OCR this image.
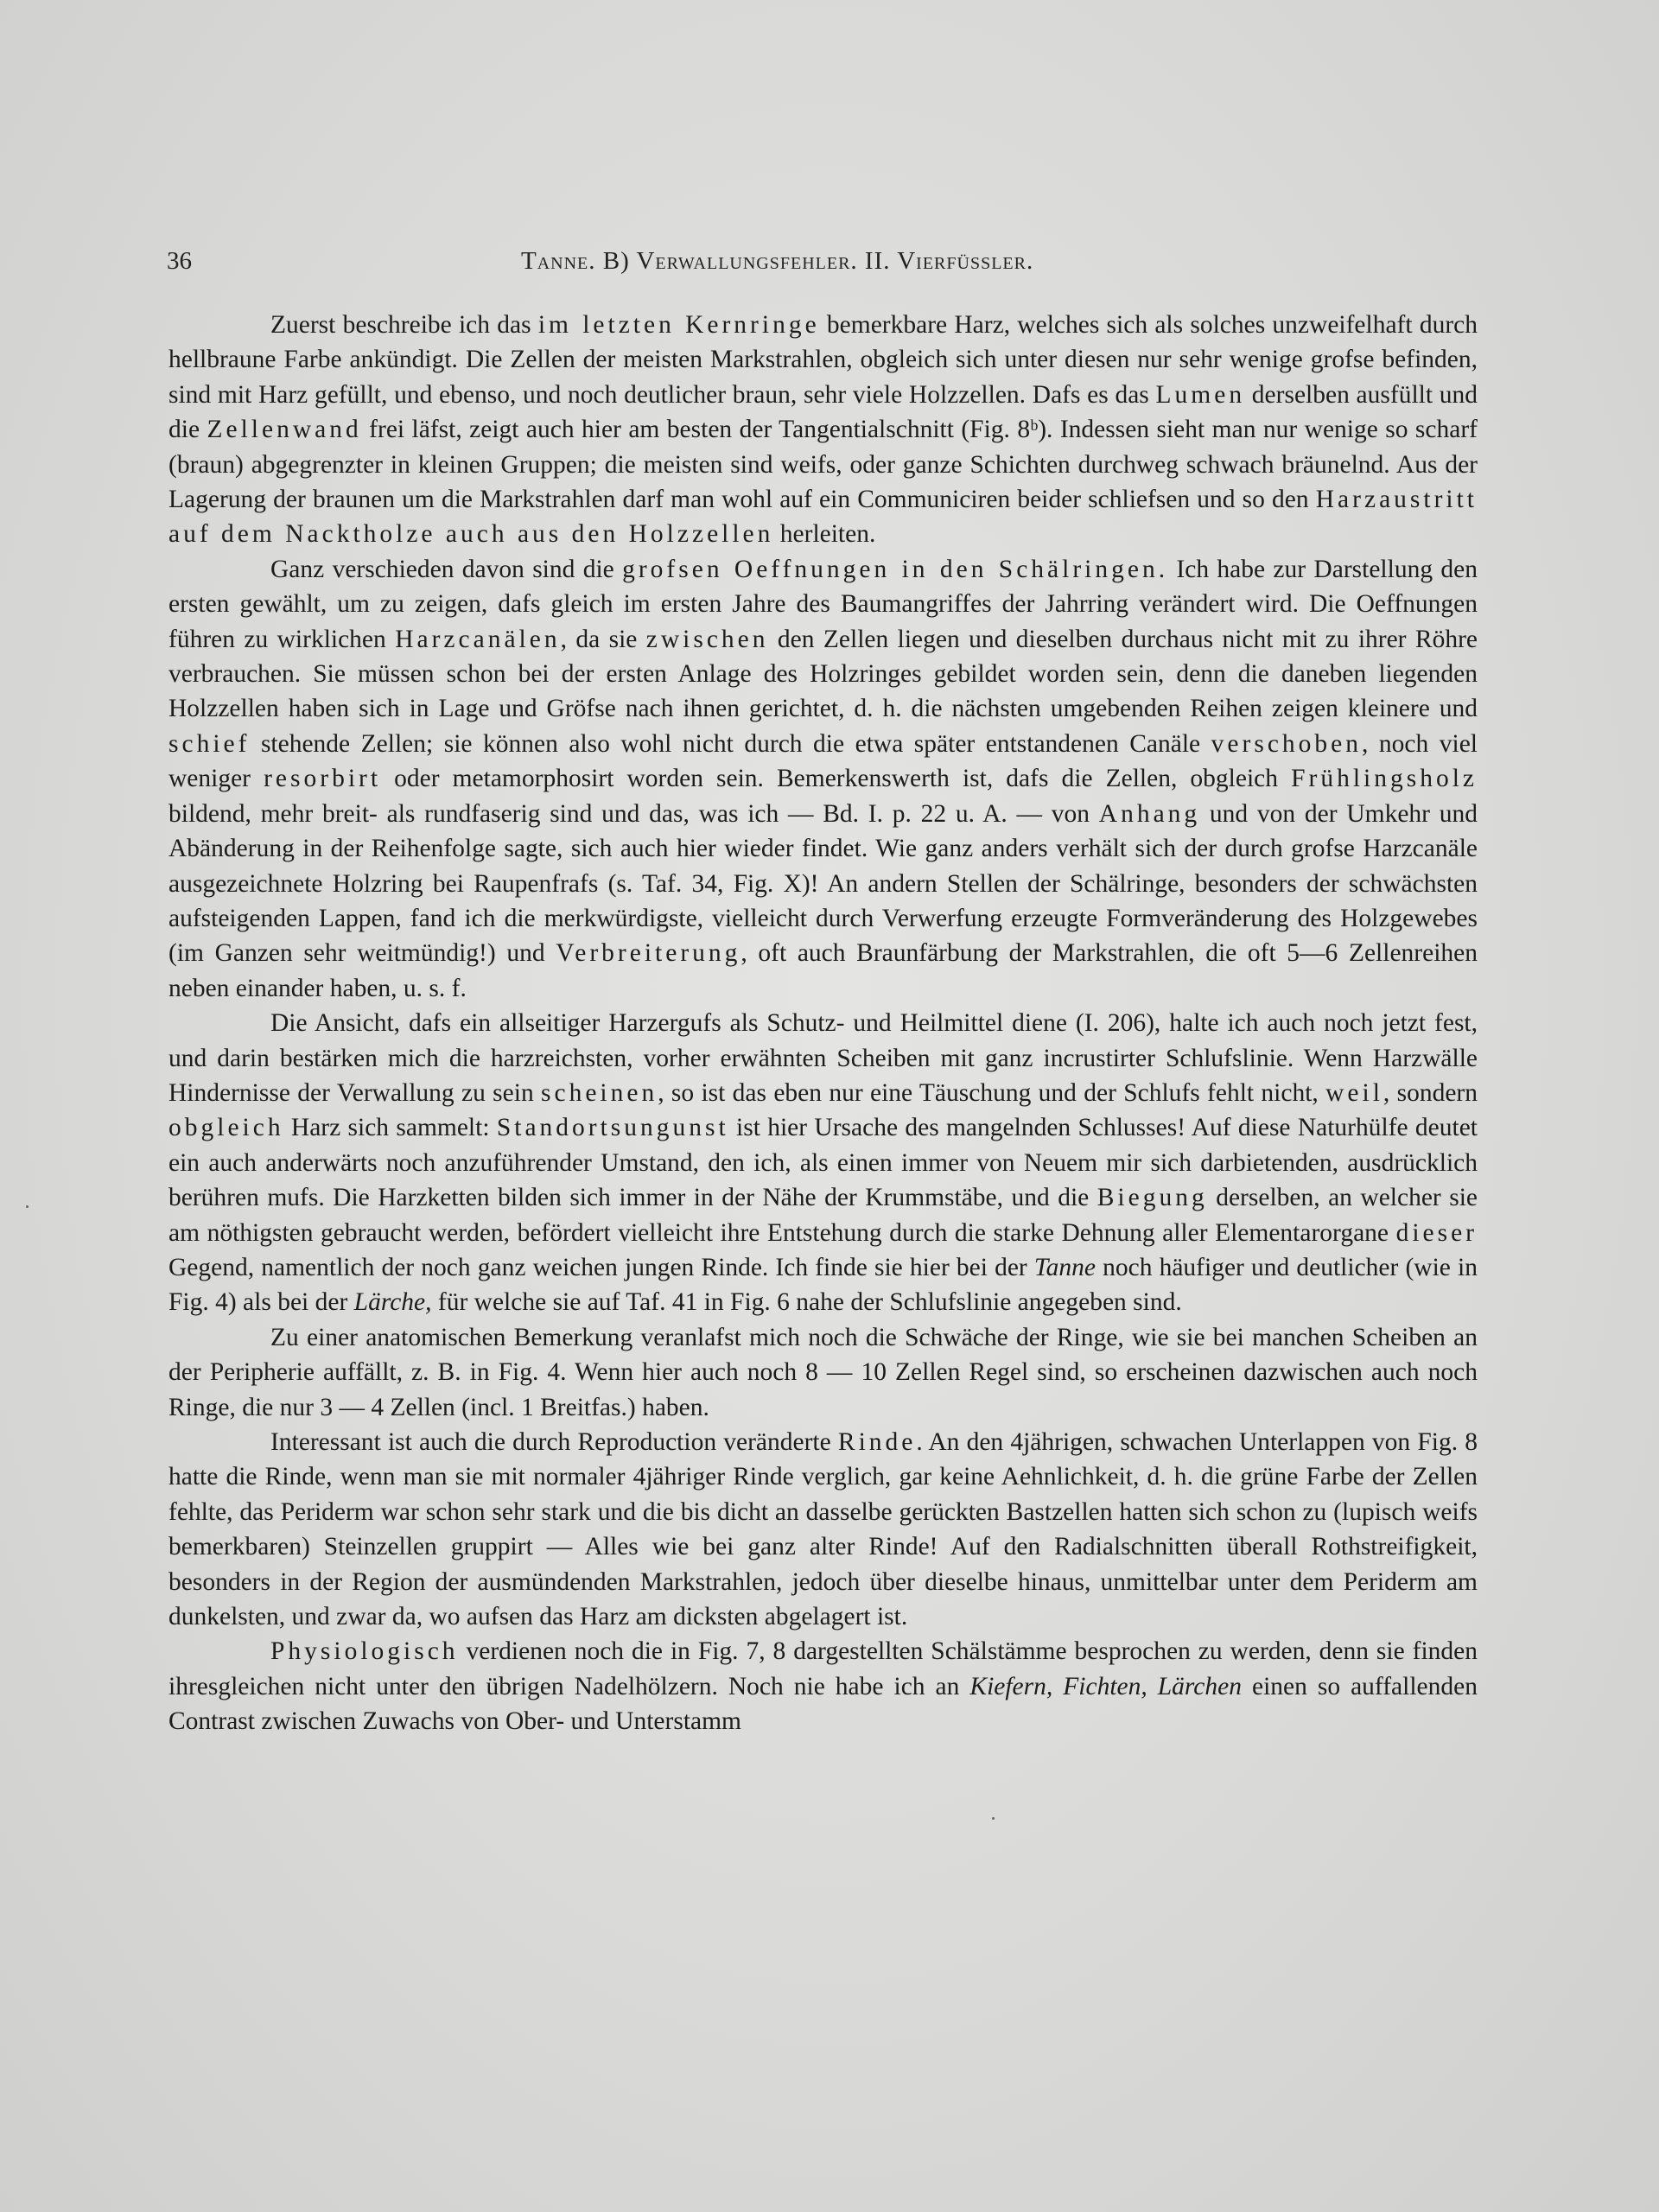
36	Tanne. B) Verwallungsfehler. II. Vierfüssler.

Zuerst beschreibe ich das im letzten Kernringe bemerkbare Harz, welches sich als solches unzweifelhaft durch hellbraune Farbe ankündigt. Die Zellen der meisten Markstrahlen, obgleich sich unter diesen nur sehr wenige grofse befinden, sind mit Harz gefüllt, und ebenso, und noch deutlicher braun, sehr viele Holzzellen. Dafs es das Lumen derselben ausfüllt und die Zellenwand frei läfst, zeigt auch hier am besten der Tangentialschnitt (Fig. 8ᵇ). Indessen sieht man nur wenige so scharf (braun) abgegrenzter in kleinen Gruppen; die meisten sind weifs, oder ganze Schichten durchweg schwach bräunelnd. Aus der Lagerung der braunen um die Markstrahlen darf man wohl auf ein Communiciren beider schliefsen und so den Harzaustritt auf dem Nacktholze auch aus den Holzzellen herleiten.

Ganz verschieden davon sind die grofsen Oeffnungen in den Schälringen. Ich habe zur Darstellung den ersten gewählt, um zu zeigen, dafs gleich im ersten Jahre des Baumangriffes der Jahrring verändert wird. Die Oeffnungen führen zu wirklichen Harzcanälen, da sie zwischen den Zellen liegen und dieselben durchaus nicht mit zu ihrer Röhre verbrauchen. Sie müssen schon bei der ersten Anlage des Holzringes gebildet worden sein, denn die daneben liegenden Holzzellen haben sich in Lage und Gröfse nach ihnen gerichtet, d. h. die nächsten umgebenden Reihen zeigen kleinere und schief stehende Zellen; sie können also wohl nicht durch die etwa später entstandenen Canäle verschoben, noch viel weniger resorbirt oder metamorphosirt worden sein. Bemerkenswerth ist, dafs die Zellen, obgleich Frühlingsholz bildend, mehr breit- als rundfaserig sind und das, was ich — Bd. I. p. 22 u. A. — von Anhang und von der Umkehr und Abänderung in der Reihenfolge sagte, sich auch hier wieder findet. Wie ganz anders verhält sich der durch grofse Harzcanäle ausgezeichnete Holzring bei Raupenfrafs (s. Taf. 34, Fig. X)! An andern Stellen der Schälringe, besonders der schwächsten aufsteigenden Lappen, fand ich die merkwürdigste, vielleicht durch Verwerfung erzeugte Formveränderung des Holzgewebes (im Ganzen sehr weitmündig!) und Verbreiterung, oft auch Braunfärbung der Markstrahlen, die oft 5—6 Zellenreihen neben einander haben, u. s. f.

Die Ansicht, dafs ein allseitiger Harzergufs als Schutz- und Heilmittel diene (I. 206), halte ich auch noch jetzt fest, und darin bestärken mich die harzreichsten, vorher erwähnten Scheiben mit ganz incrustirter Schlufslinie. Wenn Harzwälle Hindernisse der Verwallung zu sein scheinen, so ist das eben nur eine Täuschung und der Schlufs fehlt nicht, weil, sondern obgleich Harz sich sammelt: Standortsungunst ist hier Ursache des mangelnden Schlusses! Auf diese Naturhülfe deutet ein auch anderwärts noch anzuführender Umstand, den ich, als einen immer von Neuem mir sich darbietenden, ausdrücklich berühren mufs. Die Harzketten bilden sich immer in der Nähe der Krummstäbe, und die Biegung derselben, an welcher sie am nöthigsten gebraucht werden, befördert vielleicht ihre Entstehung durch die starke Dehnung aller Elementarorgane dieser Gegend, namentlich der noch ganz weichen jungen Rinde. Ich finde sie hier bei der Tanne noch häufiger und deutlicher (wie in Fig. 4) als bei der Lärche, für welche sie auf Taf. 41 in Fig. 6 nahe der Schlufslinie angegeben sind.

Zu einer anatomischen Bemerkung veranlafst mich noch die Schwäche der Ringe, wie sie bei manchen Scheiben an der Peripherie auffällt, z. B. in Fig. 4. Wenn hier auch noch 8 — 10 Zellen Regel sind, so erscheinen dazwischen auch noch Ringe, die nur 3 — 4 Zellen (incl. 1 Breitfas.) haben.

Interessant ist auch die durch Reproduction veränderte Rinde. An den 4jährigen, schwachen Unterlappen von Fig. 8 hatte die Rinde, wenn man sie mit normaler 4jähriger Rinde verglich, gar keine Aehnlichkeit, d. h. die grüne Farbe der Zellen fehlte, das Periderm war schon sehr stark und die bis dicht an dasselbe gerückten Bastzellen hatten sich schon zu (lupisch weifs bemerkbaren) Steinzellen gruppirt — Alles wie bei ganz alter Rinde! Auf den Radialschnitten überall Rothstreifigkeit, besonders in der Region der ausmündenden Markstrahlen, jedoch über dieselbe hinaus, unmittelbar unter dem Periderm am dunkelsten, und zwar da, wo aufsen das Harz am dicksten abgelagert ist.

Physiologisch verdienen noch die in Fig. 7, 8 dargestellten Schälstämme besprochen zu werden, denn sie finden ihresgleichen nicht unter den übrigen Nadelhölzern. Noch nie habe ich an Kiefern, Fichten, Lärchen einen so auffallenden Contrast zwischen Zuwachs von Ober- und Unterstamm
